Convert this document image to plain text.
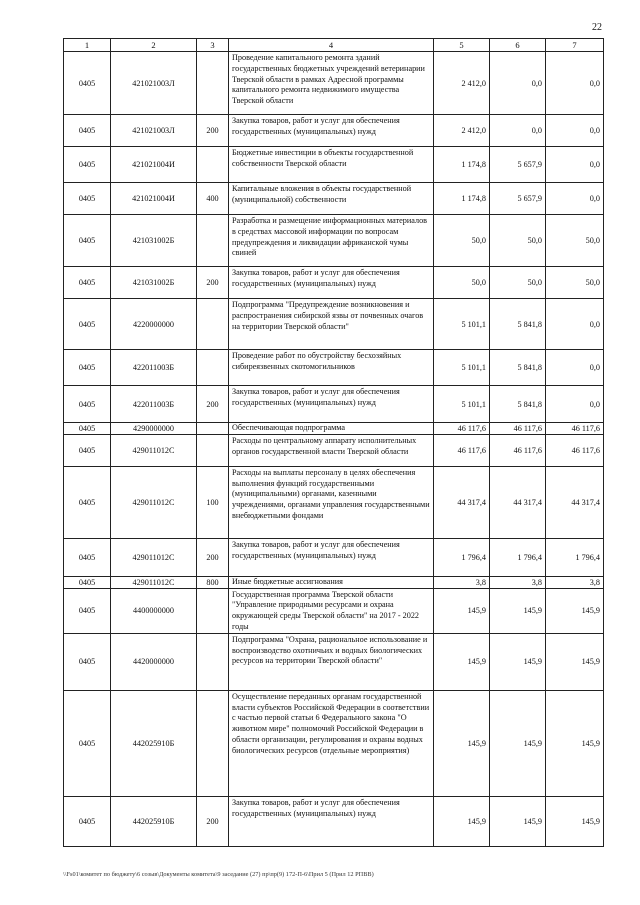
22
1	2	3	4	5	6	7
0405	421021003Л		Проведение капитального ремонта зданий государственных бюджетных учреждений ветеринарии Тверской области в рамках Адресной программы капитального ремонта недвижимого имущества Тверской области	2 412,0	0,0	0,0
0405	421021003Л	200	Закупка товаров, работ и услуг для обеспечения государственных (муниципальных) нужд	2 412,0	0,0	0,0
0405	421021004И		Бюджетные инвестиции в объекты государственной собственности Тверской области	1 174,8	5 657,9	0,0
0405	421021004И	400	Капитальные вложения в объекты государственной (муниципальной) собственности	1 174,8	5 657,9	0,0
0405	421031002Б		Разработка и размещение информационных материалов в средствах массовой информации по вопросам предупреждения и ликвидации африканской чумы свиней	50,0	50,0	50,0
0405	421031002Б	200	Закупка товаров, работ и услуг для обеспечения государственных (муниципальных) нужд	50,0	50,0	50,0
0405	4220000000		Подпрограмма "Предупреждение возникновения и распространения сибирской язвы от почвенных очагов на территории Тверской области"	5 101,1	5 841,8	0,0
0405	422011003Б		Проведение работ по обустройству бесхозяйных сибиреязвенных скотомогильников	5 101,1	5 841,8	0,0
0405	422011003Б	200	Закупка товаров, работ и услуг для обеспечения государственных (муниципальных) нужд	5 101,1	5 841,8	0,0
0405	4290000000		Обеспечивающая подпрограмма	46 117,6	46 117,6	46 117,6
0405	429011012С		Расходы по центральному аппарату исполнительных органов государственной власти Тверской области	46 117,6	46 117,6	46 117,6
0405	429011012С	100	Расходы на выплаты персоналу в целях обеспечения выполнения функций государственными (муниципальными) органами, казенными учреждениями, органами управления государственными внебюджетными фондами	44 317,4	44 317,4	44 317,4
0405	429011012С	200	Закупка товаров, работ и услуг для обеспечения государственных (муниципальных) нужд	1 796,4	1 796,4	1 796,4
0405	429011012С	800	Иные бюджетные ассигнования	3,8	3,8	3,8
0405	4400000000		Государственная программа Тверской области "Управление природными ресурсами и охрана окружающей среды Тверской области" на 2017 - 2022 годы	145,9	145,9	145,9
0405	4420000000		Подпрограмма "Охрана, рациональное использование и воспроизводство охотничьих и водных биологических ресурсов на территории Тверской области"	145,9	145,9	145,9
0405	442025910Б		Осуществление переданных органам государственной власти субъектов Российской Федерации в соответствии с частью первой статьи 6 Федерального закона "О животном мире" полномочий Российской Федерации в области организации, регулирования и охраны водных биологических ресурсов (отдельные мероприятия)	145,9	145,9	145,9
0405	442025910Б	200	Закупка товаров, работ и услуг для обеспечения государственных (муниципальных) нужд	145,9	145,9	145,9
\\Fs01\комитет по бюджету\6 созыв\Документы комитета\9 заседание (27) пр\пр(9) 172-П-6\Прил 5 (Прил 12 РПВВ)
